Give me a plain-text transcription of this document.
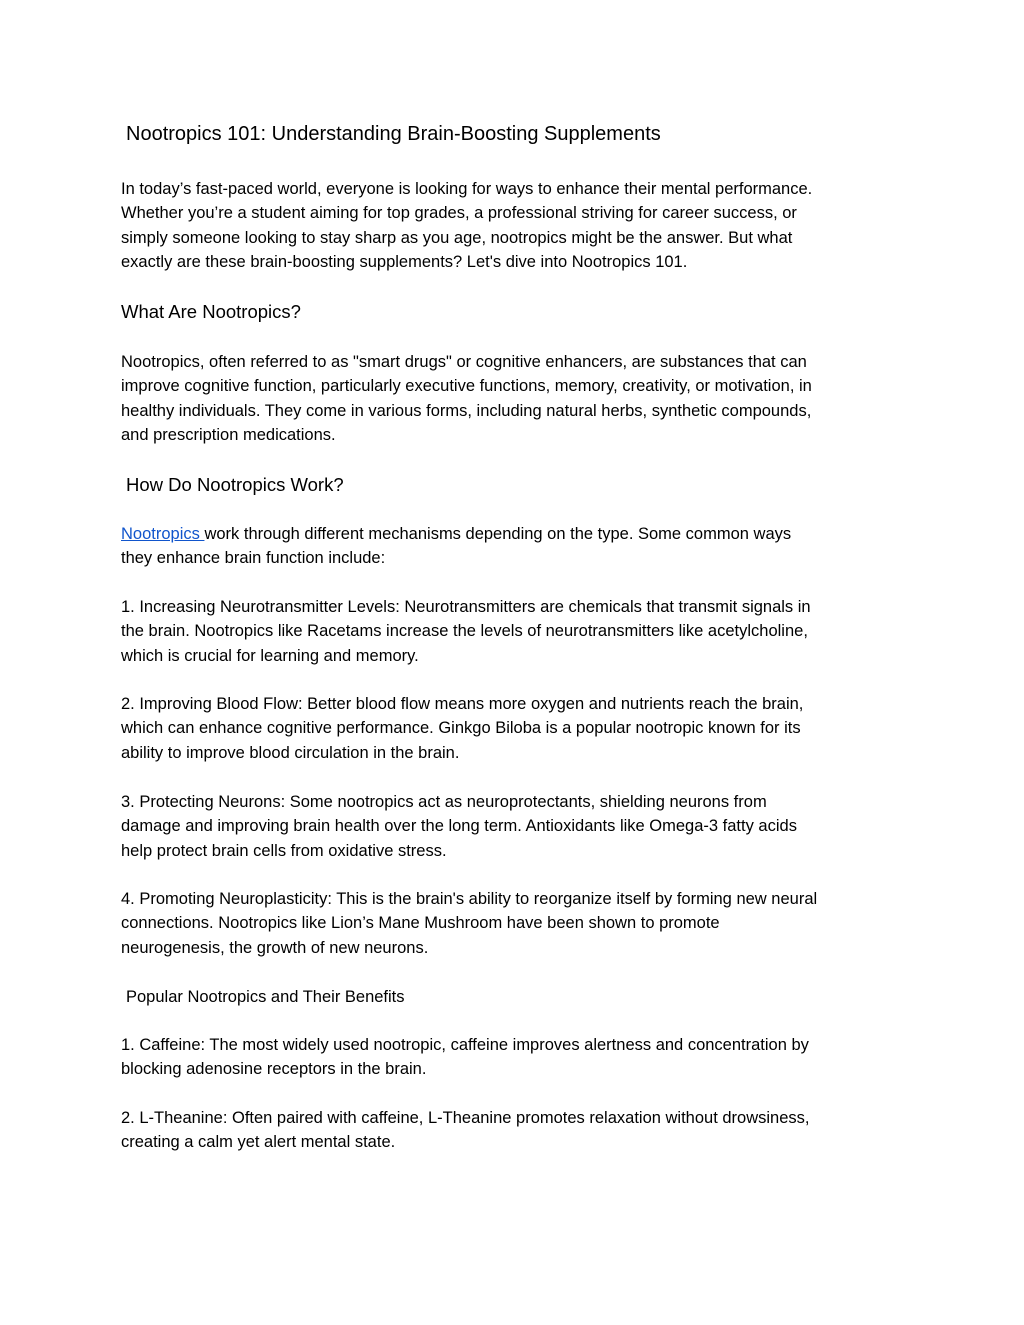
Nootropics 101: Understanding Brain-Boosting Supplements

In today’s fast-paced world, everyone is looking for ways to enhance their mental performance.
Whether you’re a student aiming for top grades, a professional striving for career success, or
simply someone looking to stay sharp as you age, nootropics might be the answer. But what
exactly are these brain-boosting supplements? Let's dive into Nootropics 101.

What Are Nootropics?

Nootropics, often referred to as "smart drugs" or cognitive enhancers, are substances that can
improve cognitive function, particularly executive functions, memory, creativity, or motivation, in
healthy individuals. They come in various forms, including natural herbs, synthetic compounds,
and prescription medications.

How Do Nootropics Work?

Nootropics work through different mechanisms depending on the type. Some common ways
they enhance brain function include:

1. Increasing Neurotransmitter Levels: Neurotransmitters are chemicals that transmit signals in
the brain. Nootropics like Racetams increase the levels of neurotransmitters like acetylcholine,
which is crucial for learning and memory.

2. Improving Blood Flow: Better blood flow means more oxygen and nutrients reach the brain,
which can enhance cognitive performance. Ginkgo Biloba is a popular nootropic known for its
ability to improve blood circulation in the brain.

3. Protecting Neurons: Some nootropics act as neuroprotectants, shielding neurons from
damage and improving brain health over the long term. Antioxidants like Omega-3 fatty acids
help protect brain cells from oxidative stress.

4. Promoting Neuroplasticity: This is the brain's ability to reorganize itself by forming new neural
connections. Nootropics like Lion’s Mane Mushroom have been shown to promote
neurogenesis, the growth of new neurons.

Popular Nootropics and Their Benefits

1. Caffeine: The most widely used nootropic, caffeine improves alertness and concentration by
blocking adenosine receptors in the brain.

2. L-Theanine: Often paired with caffeine, L-Theanine promotes relaxation without drowsiness,
creating a calm yet alert mental state.
